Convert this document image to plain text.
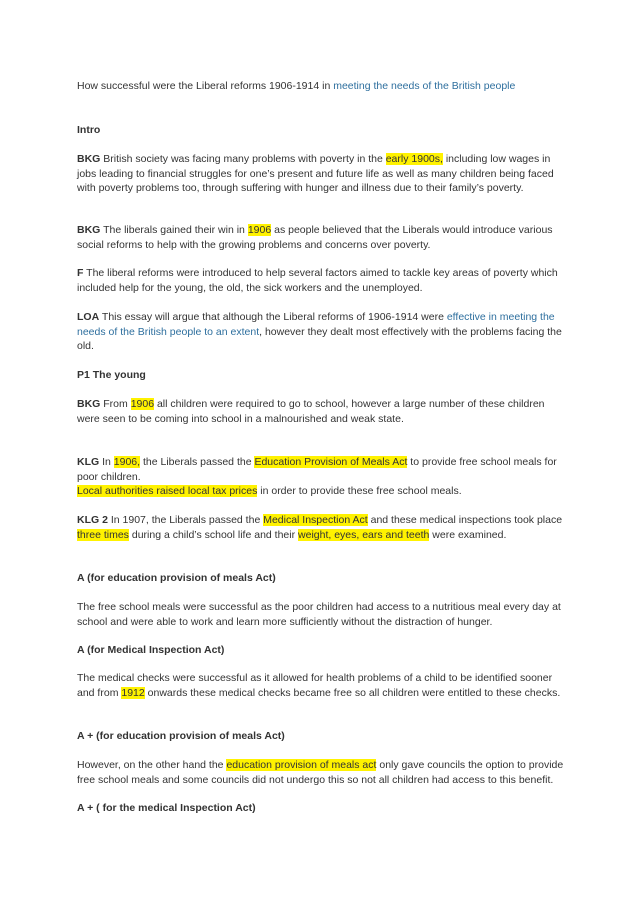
How successful were the Liberal reforms 1906-1914 in meeting the needs of the British people

Intro

BKG British society was facing many problems with poverty in the early 1900s, including low wages in jobs leading to financial struggles for one’s present and future life as well as many children being faced with poverty problems too, through suffering with hunger and illness due to their family’s poverty.

BKG The liberals gained their win in 1906 as people believed that the Liberals would introduce various social reforms to help with the growing problems and concerns over poverty.

F The liberal reforms were introduced to help several factors aimed to tackle key areas of poverty which included help for the young, the old, the sick workers and the unemployed.

LOA This essay will argue that although the Liberal reforms of 1906-1914 were effective in meeting the needs of the British people to an extent, however they dealt most effectively with the problems facing the old.

P1 The young

BKG From 1906 all children were required to go to school, however a large number of these children were seen to be coming into school in a malnourished and weak state.

KLG In 1906, the Liberals passed the Education Provision of Meals Act to provide free school meals for poor children.
Local authorities raised local tax prices in order to provide these free school meals.

KLG 2 In 1907, the Liberals passed the Medical Inspection Act and these medical inspections took place three times during a child’s school life and their weight, eyes, ears and teeth were examined.

A (for education provision of meals Act)

The free school meals were successful as the poor children had access to a nutritious meal every day at school and were able to work and learn more sufficiently without the distraction of hunger.

A (for Medical Inspection Act)

The medical checks were successful as it allowed for health problems of a child to be identified sooner and from 1912 onwards these medical checks became free so all children were entitled to these checks.

A + (for education provision of meals Act)

However, on the other hand the education provision of meals act only gave councils the option to provide free school meals and some councils did not undergo this so not all children had access to this benefit.

A + ( for the medical Inspection Act)
